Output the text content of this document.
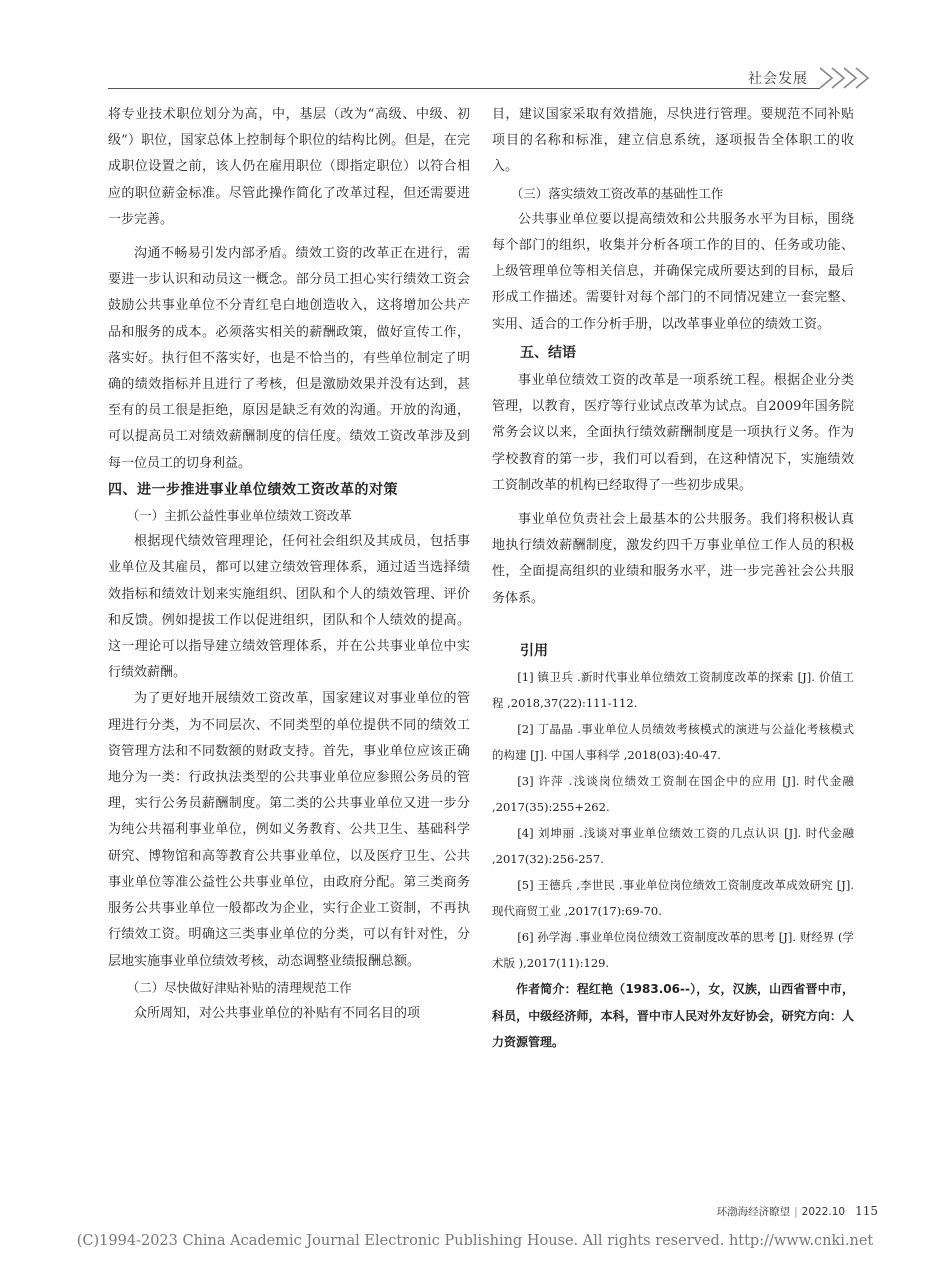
社会发展

将专业技术职位划分为高，中，基层（改为“高级、中级、初级”）职位，国家总体上控制每个职位的结构比例。但是，在完成职位设置之前，该人仍在雇用职位（即指定职位）以符合相应的职位薪金标准。尽管此操作简化了改革过程，但还需要进一步完善。

沟通不畅易引发内部矛盾。绩效工资的改革正在进行，需要进一步认识和动员这一概念。部分员工担心实行绩效工资会鼓励公共事业单位不分青红皂白地创造收入，这将增加公共产品和服务的成本。必须落实相关的薪酬政策，做好宣传工作，落实好。执行但不落实好，也是不恰当的，有些单位制定了明确的绩效指标并且进行了考核，但是激励效果并没有达到，甚至有的员工很是拒绝，原因是缺乏有效的沟通。开放的沟通，可以提高员工对绩效薪酬制度的信任度。绩效工资改革涉及到每一位员工的切身利益。

四、进一步推进事业单位绩效工资改革的对策

（一）主抓公益性事业单位绩效工资改革

根据现代绩效管理理论，任何社会组织及其成员，包括事业单位及其雇员，都可以建立绩效管理体系，通过适当选择绩效指标和绩效计划来实施组织、团队和个人的绩效管理、评价和反馈。例如提拔工作以促进组织，团队和个人绩效的提高。这一理论可以指导建立绩效管理体系，并在公共事业单位中实行绩效薪酬。

为了更好地开展绩效工资改革，国家建议对事业单位的管理进行分类，为不同层次、不同类型的单位提供不同的绩效工资管理方法和不同数额的财政支持。首先，事业单位应该正确地分为一类：行政执法类型的公共事业单位应参照公务员的管理，实行公务员薪酬制度。第二类的公共事业单位又进一步分为纯公共福利事业单位，例如义务教育、公共卫生、基础科学研究、博物馆和高等教育公共事业单位，以及医疗卫生、公共事业单位等准公益性公共事业单位，由政府分配。第三类商务服务公共事业单位一般都改为企业，实行企业工资制，不再执行绩效工资。明确这三类事业单位的分类，可以有针对性，分层地实施事业单位绩效考核，动态调整业绩报酬总额。

（二）尽快做好津贴补贴的清理规范工作

众所周知，对公共事业单位的补贴有不同名目的项

目，建议国家采取有效措施，尽快进行管理。要规范不同补贴项目的名称和标准，建立信息系统，逐项报告全体职工的收入。

（三）落实绩效工资改革的基础性工作

公共事业单位要以提高绩效和公共服务水平为目标，围绕每个部门的组织，收集并分析各项工作的目的、任务或功能、上级管理单位等相关信息，并确保完成所要达到的目标，最后形成工作描述。需要针对每个部门的不同情况建立一套完整、实用、适合的工作分析手册，以改革事业单位的绩效工资。

五、结语

事业单位绩效工资的改革是一项系统工程。根据企业分类管理，以教育，医疗等行业试点改革为试点。自2009年国务院常务会议以来，全面执行绩效薪酬制度是一项执行义务。作为学校教育的第一步，我们可以看到，在这种情况下，实施绩效工资制改革的机构已经取得了一些初步成果。

事业单位负责社会上最基本的公共服务。我们将积极认真地执行绩效薪酬制度，激发约四千万事业单位工作人员的积极性，全面提高组织的业绩和服务水平，进一步完善社会公共服务体系。

引用

[1] 镇卫兵 .新时代事业单位绩效工资制度改革的探索 [J]. 价值工程 ,2018,37(22):111-112.

[2] 丁晶晶 .事业单位人员绩效考核模式的演进与公益化考核模式的构建 [J]. 中国人事科学 ,2018(03):40-47.

[3] 许萍 .浅谈岗位绩效工资制在国企中的应用 [J]. 时代金融 ,2017(35):255+262.

[4] 刘坤丽 .浅谈对事业单位绩效工资的几点认识 [J]. 时代金融 ,2017(32):256-257.

[5] 王德兵 ,李世民 .事业单位岗位绩效工资制度改革成效研究 [J]. 现代商贸工业 ,2017(17):69-70.

[6] 孙学海 .事业单位岗位绩效工资制度改革的思考 [J]. 财经界 (学术版 ),2017(11):129.

作者简介：程红艳（1983.06--），女，汉族，山西省晋中市，科员，中级经济师，本科，晋中市人民对外友好协会，研究方向：人力资源管理。

环渤海经济瞭望 | 2022.10 115
(C)1994-2023 China Academic Journal Electronic Publishing House. All rights reserved. http://www.cnki.net
